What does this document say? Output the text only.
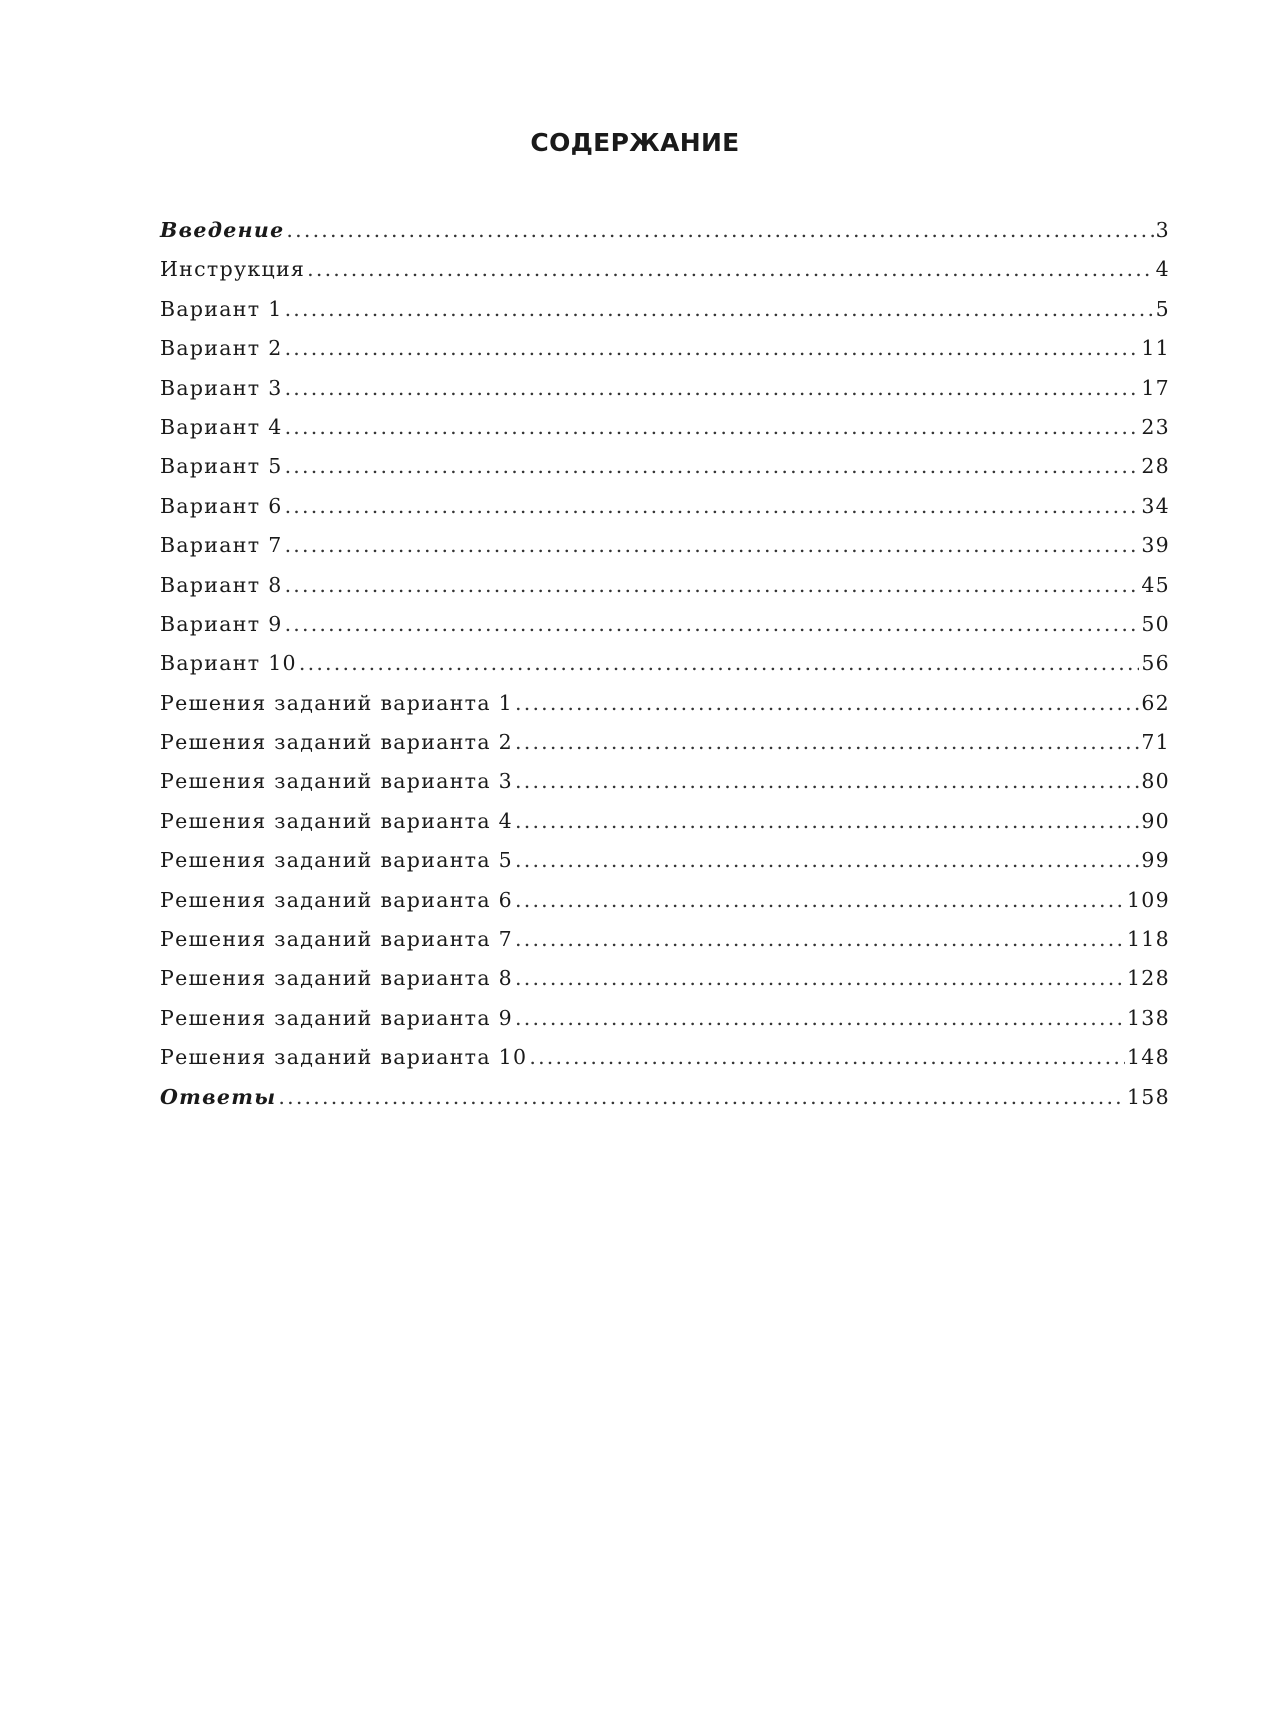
СОДЕРЖАНИЕ
Введение .....	3
Инструкция .....	4
Вариант 1 .....	5
Вариант 2 .....	11
Вариант 3 .....	17
Вариант 4 .....	23
Вариант 5 .....	28
Вариант 6 .....	34
Вариант 7 .....	39
Вариант 8 .....	45
Вариант 9 .....	50
Вариант 10 .....	56
Решения заданий варианта 1 .....	62
Решения заданий варианта 2 .....	71
Решения заданий варианта 3 .....	80
Решения заданий варианта 4 .....	90
Решения заданий варианта 5 .....	99
Решения заданий варианта 6 .....	109
Решения заданий варианта 7 .....	118
Решения заданий варианта 8 .....	128
Решения заданий варианта 9 .....	138
Решения заданий варианта 10 .....	148
Ответы .....	158
